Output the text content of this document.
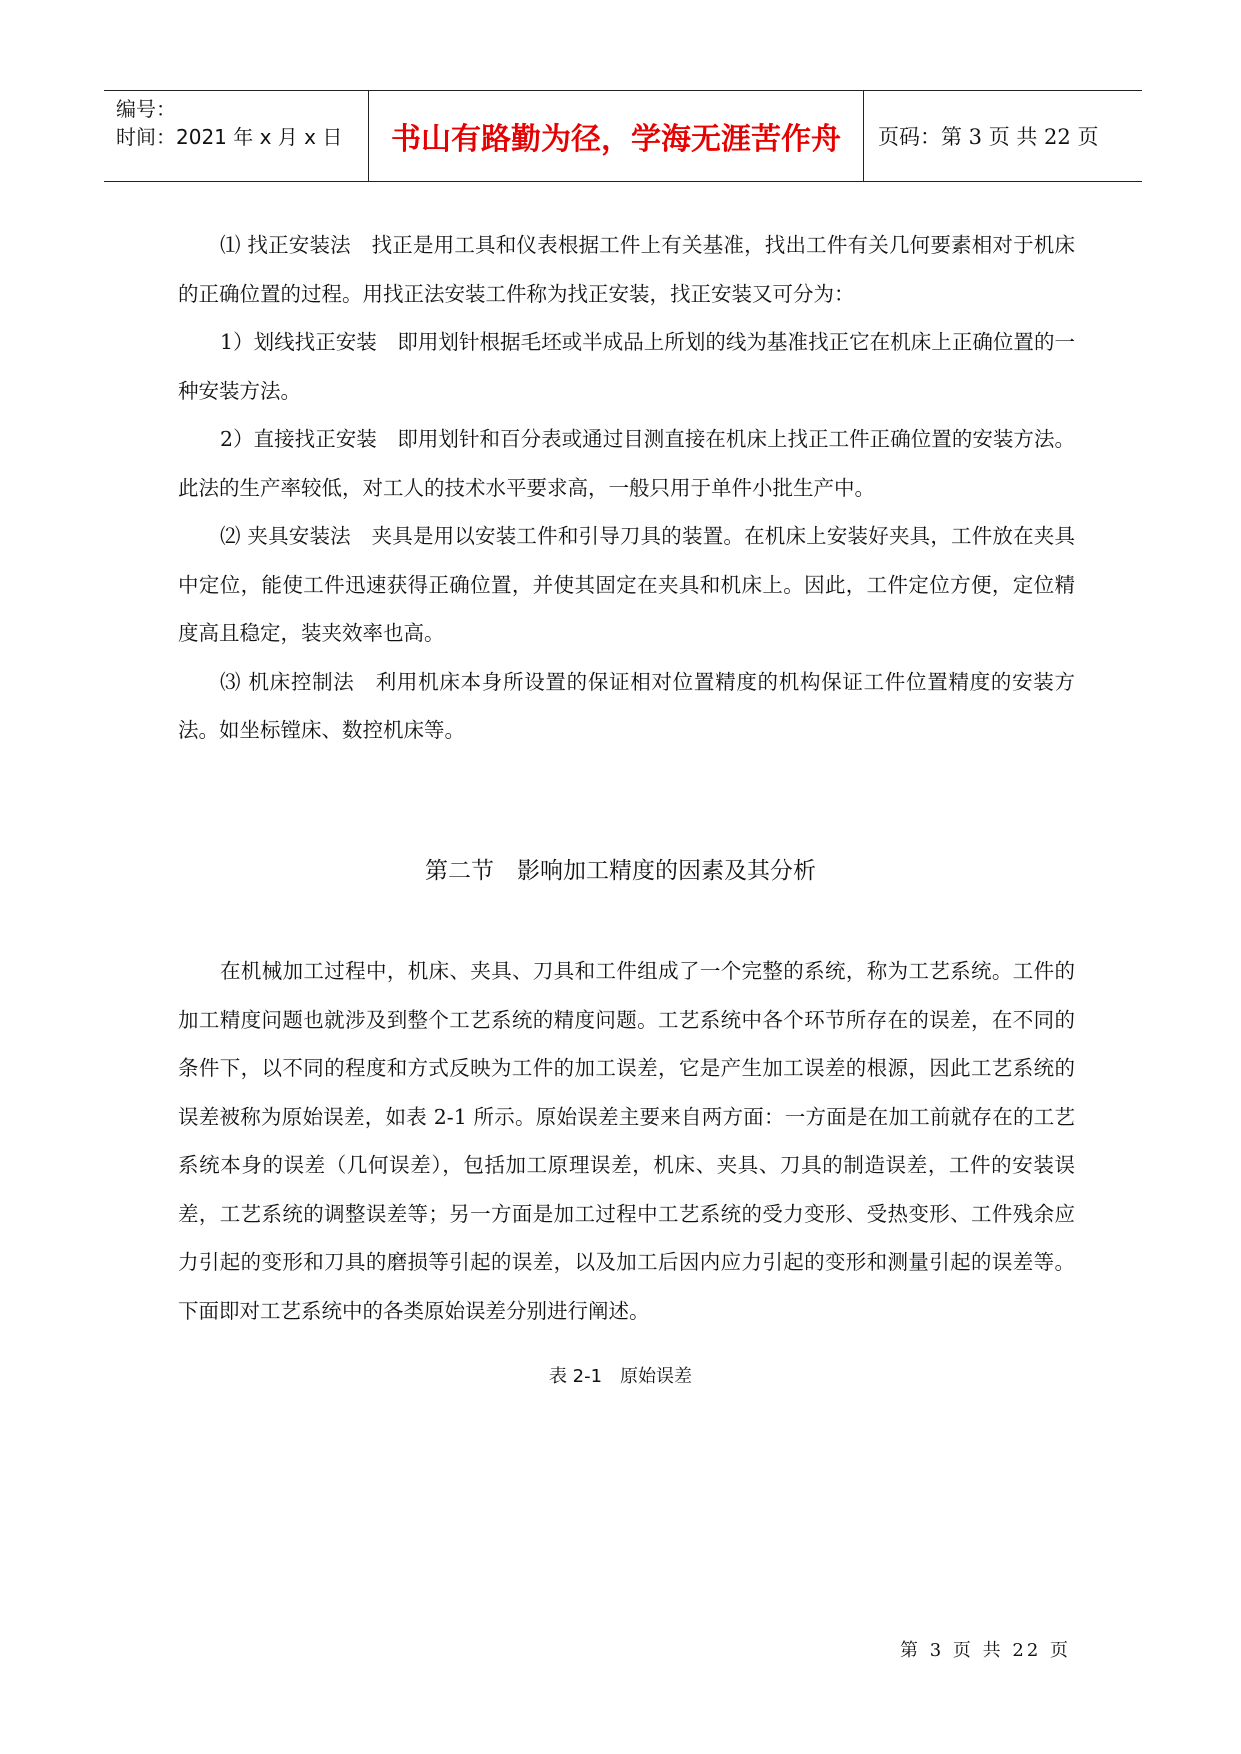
编号：
时间：2021 年 x 月 x 日	书山有路勤为径，学海无涯苦作舟	页码：第 3 页 共 22 页

⑴ 找正安装法　找正是用工具和仪表根据工件上有关基准，找出工件有关几何要素相对于机床的正确位置的过程。用找正法安装工件称为找正安装，找正安装又可分为：

1）划线找正安装　即用划针根据毛坯或半成品上所划的线为基准找正它在机床上正确位置的一种安装方法。

2）直接找正安装　即用划针和百分表或通过目测直接在机床上找正工件正确位置的安装方法。此法的生产率较低，对工人的技术水平要求高，一般只用于单件小批生产中。

⑵ 夹具安装法　夹具是用以安装工件和引导刀具的装置。在机床上安装好夹具，工件放在夹具中定位，能使工件迅速获得正确位置，并使其固定在夹具和机床上。因此，工件定位方便，定位精度高且稳定，装夹效率也高。

⑶ 机床控制法　利用机床本身所设置的保证相对位置精度的机构保证工件位置精度的安装方法。如坐标镗床、数控机床等。

第二节　影响加工精度的因素及其分析

在机械加工过程中，机床、夹具、刀具和工件组成了一个完整的系统，称为工艺系统。工件的加工精度问题也就涉及到整个工艺系统的精度问题。工艺系统中各个环节所存在的误差，在不同的条件下，以不同的程度和方式反映为工件的加工误差，它是产生加工误差的根源，因此工艺系统的误差被称为原始误差，如表 2-1 所示。原始误差主要来自两方面：一方面是在加工前就存在的工艺系统本身的误差（几何误差），包括加工原理误差，机床、夹具、刀具的制造误差，工件的安装误差，工艺系统的调整误差等；另一方面是加工过程中工艺系统的受力变形、受热变形、工件残余应力引起的变形和刀具的磨损等引起的误差，以及加工后因内应力引起的变形和测量引起的误差等。下面即对工艺系统中的各类原始误差分别进行阐述。

表 2-1　原始误差
第 3 页 共 22 页
